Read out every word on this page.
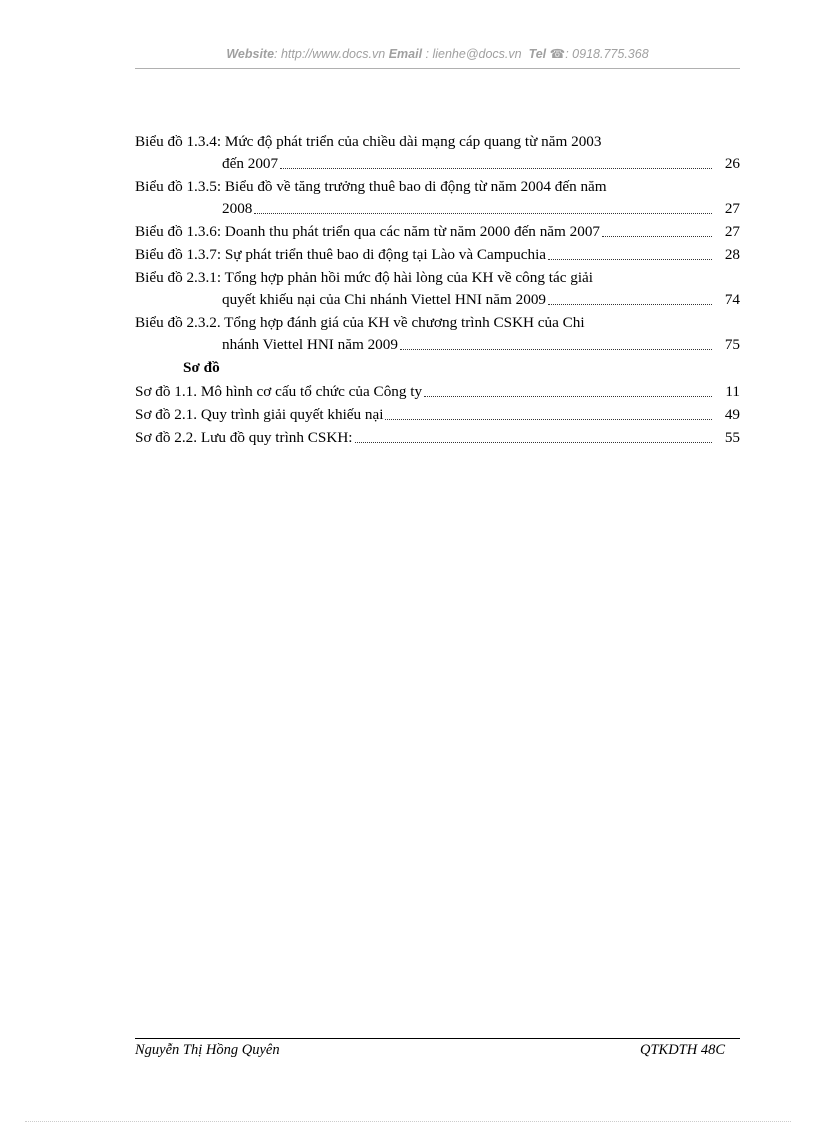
Website: http://www.docs.vn Email : lienhe@docs.vn Tel ☎: 0918.775.368
Biểu đồ 1.3.4: Mức độ phát triển của chiều dài mạng cáp quang từ năm 2003
đến 2007	26
Biểu đồ 1.3.5: Biểu đồ về tăng trưởng thuê bao di động từ năm 2004 đến năm
2008	27
Biểu đồ 1.3.6: Doanh thu phát triển qua các năm từ năm 2000 đến năm 2007	27
Biểu đồ 1.3.7: Sự phát triển thuê bao di động tại Lào và Campuchia	28
Biểu đồ 2.3.1: Tổng hợp phản hồi mức độ hài lòng của KH về công tác giải
quyết khiếu nại của Chi nhánh Viettel HNI năm 2009	74
Biểu đồ 2.3.2. Tổng hợp đánh giá của KH về chương trình CSKH của Chi
nhánh Viettel HNI năm 2009	75
Sơ đồ
Sơ đồ 1.1. Mô hình cơ cấu tổ chức của Công ty	11
Sơ đồ 2.1. Quy trình giải quyết khiếu nại	49
Sơ đồ 2.2. Lưu đồ quy trình CSKH:	55
Nguyễn Thị Hồng Quyên	QTKDTH 48C
